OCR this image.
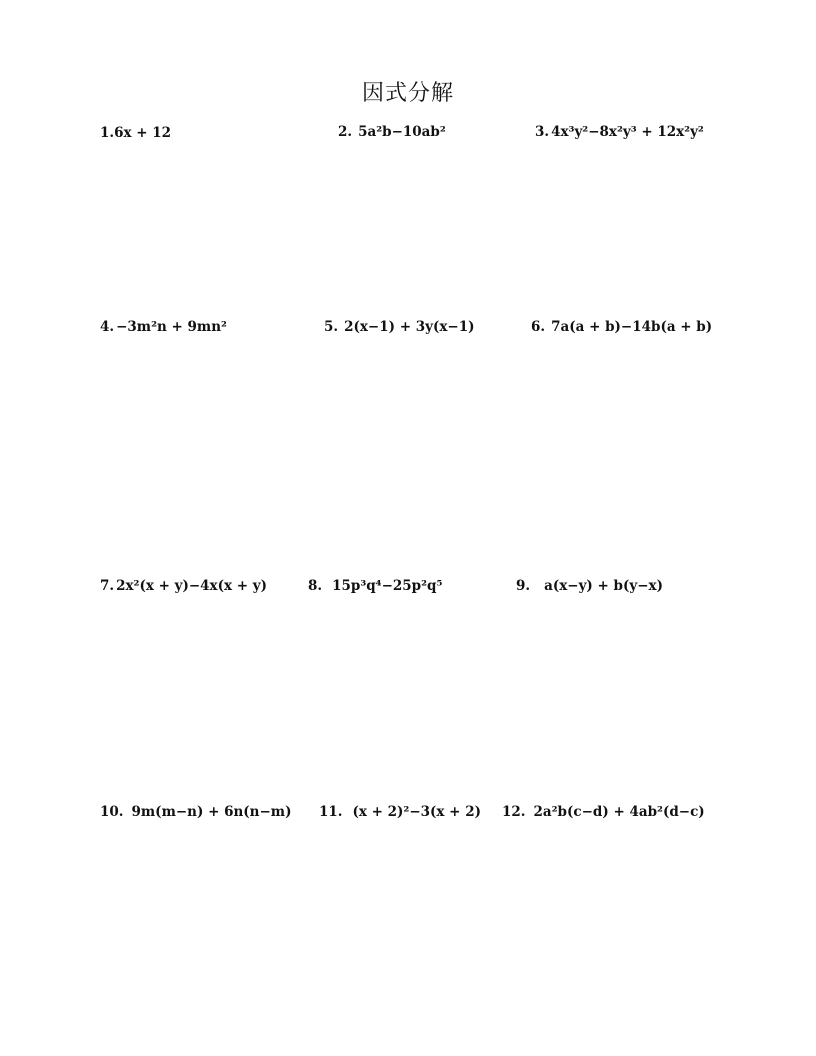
因式分解
1.6x + 12	2. 5a²b−10ab²	3. 4x³y²−8x²y³ + 12x²y²
4. −3m²n + 9mn²	5. 2(x−1) + 3y(x−1)	6. 7a(a + b)−14b(a + b)
7. 2x²(x + y)−4x(x + y)	8. 15p³q⁴−25p²q⁵	9. a(x−y) + b(y−x)
10. 9m(m−n) + 6n(n−m) 11. (x + 2)²−3(x + 2) 12. 2a²b(c−d) + 4ab²(d−c)
